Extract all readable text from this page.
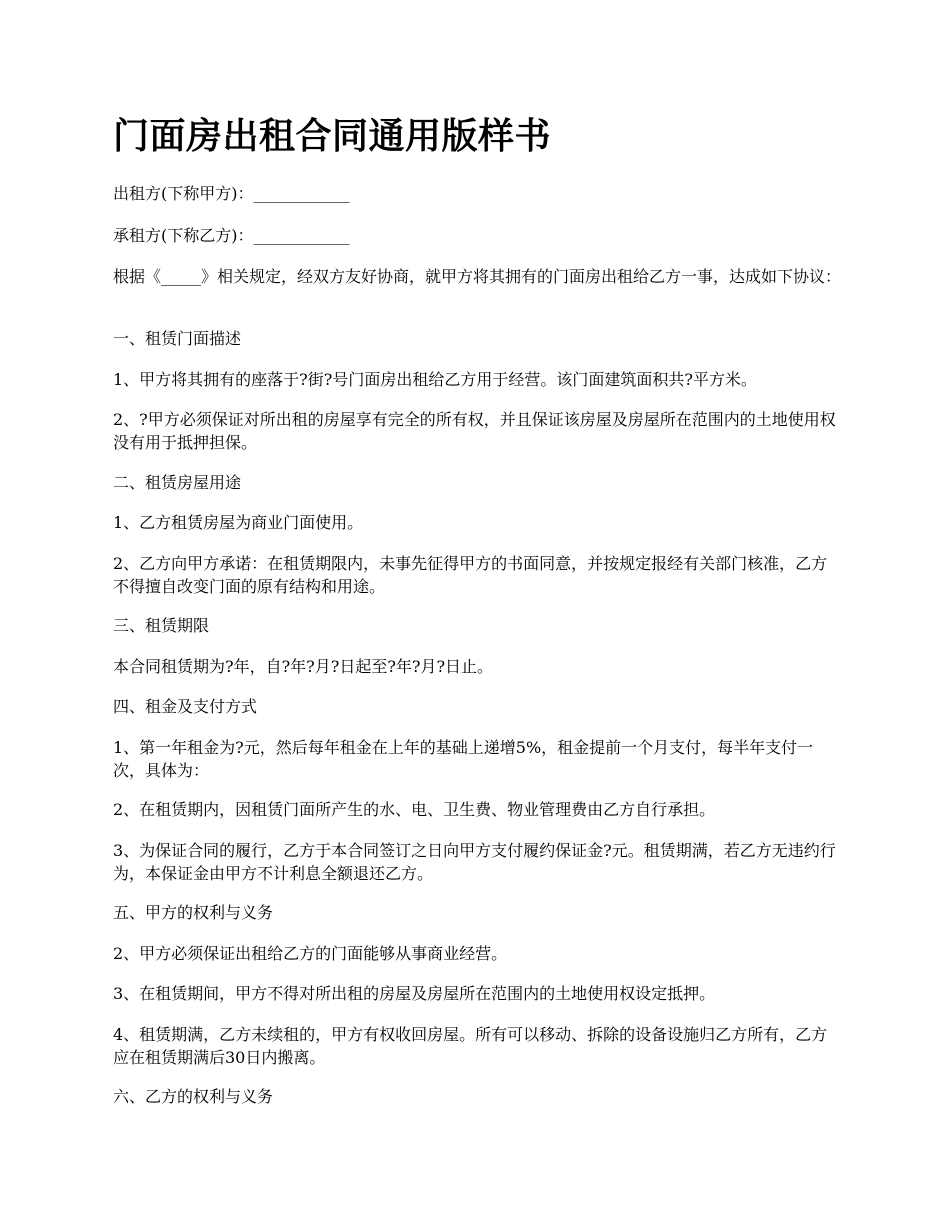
门面房出租合同通用版样书

出租方(下称甲方)：____________

承租方(下称乙方)：____________

根据《_____》相关规定，经双方友好协商，就甲方将其拥有的门面房出租给乙方一事，达成如下协议：

一、租赁门面描述

1、甲方将其拥有的座落于?街?号门面房出租给乙方用于经营。该门面建筑面积共?平方米。

2、?甲方必须保证对所出租的房屋享有完全的所有权，并且保证该房屋及房屋所在范围内的土地使用权没有用于抵押担保。

二、租赁房屋用途

1、乙方租赁房屋为商业门面使用。

2、乙方向甲方承诺：在租赁期限内，未事先征得甲方的书面同意，并按规定报经有关部门核准，乙方不得擅自改变门面的原有结构和用途。

三、租赁期限

本合同租赁期为?年，自?年?月?日起至?年?月?日止。

四、租金及支付方式

1、第一年租金为?元，然后每年租金在上年的基础上递增5%，租金提前一个月支付，每半年支付一次，具体为：

2、在租赁期内，因租赁门面所产生的水、电、卫生费、物业管理费由乙方自行承担。

3、为保证合同的履行，乙方于本合同签订之日向甲方支付履约保证金?元。租赁期满，若乙方无违约行为，本保证金由甲方不计利息全额退还乙方。

五、甲方的权利与义务

2、甲方必须保证出租给乙方的门面能够从事商业经营。

3、在租赁期间，甲方不得对所出租的房屋及房屋所在范围内的土地使用权设定抵押。

4、租赁期满，乙方未续租的，甲方有权收回房屋。所有可以移动、拆除的设备设施归乙方所有，乙方应在租赁期满后30日内搬离。

六、乙方的权利与义务
